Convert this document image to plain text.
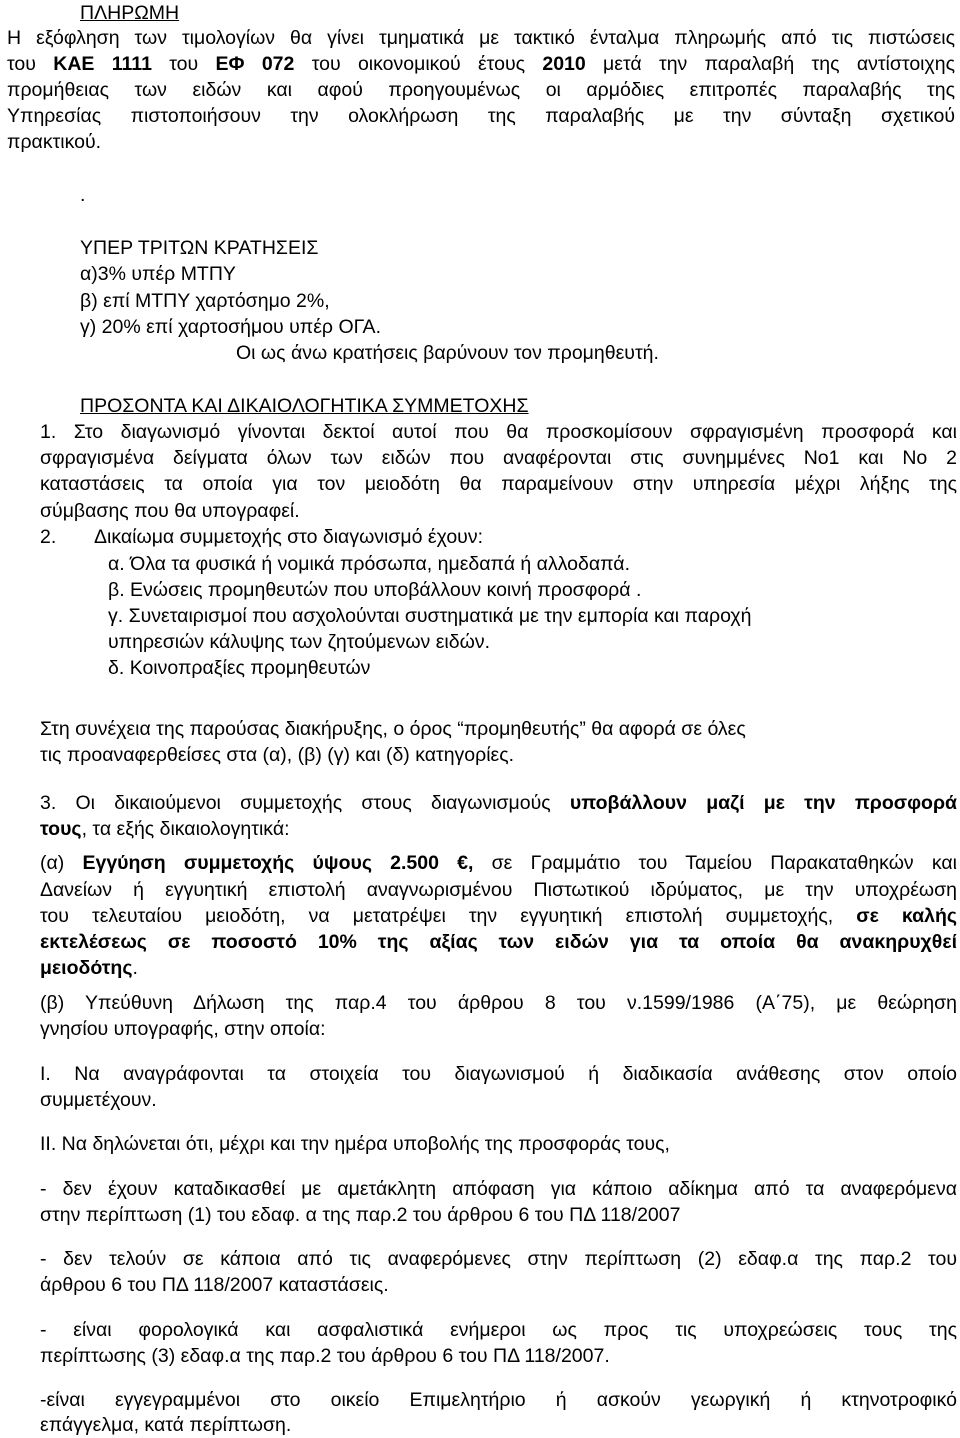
ΠΛΗΡΩΜΗ
Η εξόφληση των τιμολογίων θα γίνει τμηματικά με τακτικό ένταλμα πληρωμής από τις πιστώσεις
του ΚΑΕ 1111 του ΕΦ 072 του οικονομικού έτους 2010 μετά την παραλαβή της αντίστοιχης
προμήθειας των ειδών και αφού προηγουμένως οι αρμόδιες επιτροπές παραλαβής της
Υπηρεσίας πιστοποιήσουν την ολοκλήρωση της παραλαβής με την σύνταξη σχετικού
πρακτικού.
.
ΥΠΕΡ ΤΡΙΤΩΝ ΚΡΑΤΗΣΕΙΣ
α)3% υπέρ ΜΤΠΥ
β) επί ΜΤΠΥ χαρτόσημο 2%,
γ) 20% επί χαρτοσήμου υπέρ ΟΓΑ.
Οι ως άνω κρατήσεις βαρύνουν τον προμηθευτή.
ΠΡΟΣΟΝΤΑ ΚΑΙ ΔΙΚΑΙΟΛΟΓΗΤΙΚΑ ΣΥΜΜΕΤΟΧΗΣ
1. Στο διαγωνισμό γίνονται δεκτοί αυτοί που θα προσκομίσουν σφραγισμένη προσφορά και
σφραγισμένα δείγματα όλων των ειδών που αναφέρονται στις συνημμένες Νο1 και Νο 2
καταστάσεις τα οποία για τον μειοδότη θα παραμείνουν στην υπηρεσία μέχρι λήξης της
σύμβασης που θα υπογραφεί.
2. Δικαίωμα συμμετοχής στο διαγωνισμό έχουν:
α. Όλα τα φυσικά ή νομικά πρόσωπα, ημεδαπά ή αλλοδαπά.
β. Ενώσεις προμηθευτών που υποβάλλουν κοινή προσφορά .
γ. Συνεταιρισμοί που ασχολούνται συστηματικά με την εμπορία και παροχή
υπηρεσιών κάλυψης των ζητούμενων ειδών.
δ. Κοινοπραξίες προμηθευτών
Στη συνέχεια της παρούσας διακήρυξης, ο όρος “προμηθευτής” θα αφορά σε όλες
τις προαναφερθείσες στα (α), (β) (γ) και (δ) κατηγορίες.
3. Οι δικαιούμενοι συμμετοχής στους διαγωνισμούς υποβάλλουν μαζί με την προσφορά
τους, τα εξής δικαιολογητικά:
(α) Εγγύηση συμμετοχής ύψους 2.500 €, σε Γραμμάτιο του Ταμείου Παρακαταθηκών και
Δανείων ή εγγυητική επιστολή αναγνωρισμένου Πιστωτικού ιδρύματος, με την υποχρέωση
του τελευταίου μειοδότη, να μετατρέψει την εγγυητική επιστολή συμμετοχής, σε καλής
εκτελέσεως σε ποσοστό 10% της αξίας των ειδών για τα οποία θα ανακηρυχθεί
μειοδότης.
(β) Υπεύθυνη Δήλωση της παρ.4 του άρθρου 8 του ν.1599/1986 (Α΄75), με θεώρηση
γνησίου υπογραφής, στην οποία:
Ι. Να αναγράφονται τα στοιχεία του διαγωνισμού ή διαδικασία ανάθεσης στον οποίο
συμμετέχουν.
ΙΙ. Να δηλώνεται ότι, μέχρι και την ημέρα υποβολής της προσφοράς τους,
- δεν έχουν καταδικασθεί με αμετάκλητη απόφαση για κάποιο αδίκημα από τα αναφερόμενα
στην περίπτωση (1) του εδαφ. α της παρ.2 του άρθρου 6 του ΠΔ 118/2007
- δεν τελούν σε κάποια από τις αναφερόμενες στην περίπτωση (2) εδαφ.α της παρ.2 του
άρθρου 6 του ΠΔ 118/2007 καταστάσεις.
- είναι φορολογικά και ασφαλιστικά ενήμεροι ως προς τις υποχρεώσεις τους της
περίπτωσης (3) εδαφ.α της παρ.2 του άρθρου 6 του ΠΔ 118/2007.
-είναι εγγεγραμμένοι στο οικείο Επιμελητήριο ή ασκούν γεωργική ή κτηνοτροφικό
επάγγελμα, κατά περίπτωση.
